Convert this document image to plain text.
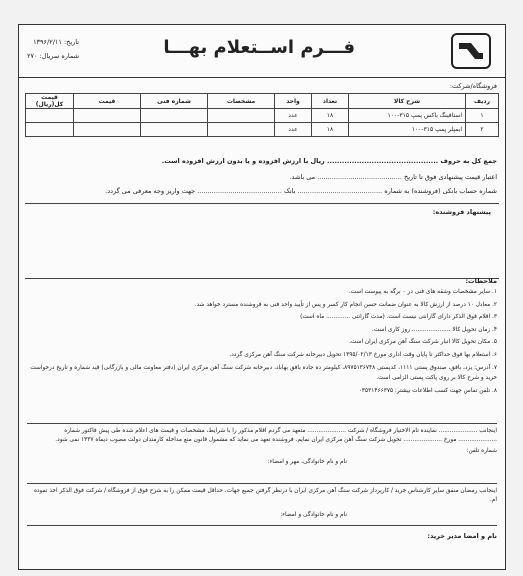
فـــرم اســتعلام بهـــا
تاریخ: ۱۳۹۶/۲/۱۱
شماره سریال: ۲۷۰
فروشگاه/شرکت:
ردیف	شرح کالا	تعداد	واحد	مشخصات	شماره فنی	قیمت	قیمت کل(ریال)
۱	استافینگ باکس پمپ ۳۱۵-۱۰۰	۱۸	عدد				
۲	ایمپلر پمپ ۳۱۵-۱۰۰	۱۸	عدد				
جمع کل به حروف ............................................. ریال با ارزش افزوده و یا بدون ارزش افزوده است.
اعتبار قیمت پیشنهادی فوق تا تاریخ ......................................... می باشد.
شماره حساب بانکی (فروشنده) به شماره ......................................... بانک ......................................... جهت واریز وجه معرفی می گردد.
پیشنهاد فروشنده:
ملاحظات:

۱. سایر مشخصات وشقه های فنی در ۰ برگه به پیوست است.

۲. معادل ۱۰ درصد از ارزش کالا به عنوان ضمانت حسن انجام کار کسر و پس از تأیید واحد فنی به فروشنده مسترد خواهد شد.

۳. اقلام فوق الذکر دارای گارانتی نیست است. (مدت گارانتی ............. ماه است)

۴. زمان تحویل کالا ..................... روز کاری است.

۵. مکان تحویل کالا انبار شرکت سنگ آهن مرکزی ایران است.

۶. استعلام بها فوق حداکثر تا پایان وقت اداری مورخ ۱۳۹۵/۰۲/۱۳ تحویل دبیرخانه شرکت سنگ آهن مرکزی گردد.

۷. آدرس: یزد، بافق، صندوق پستی ۱۱۱۱، کدپستی ۸۹۷۵۱۳۶۷۴۸، کیلومتر ده جاده بافق بهاباد، دبیرخانه شرکت سنگ آهن مرکزی ایران (دفتر معاونت مالی و بازرگانی) قید شماره و تاریخ درخواست خرید و شرح کالا بر روی پاکت پستی الزامی است.

۸. تلفن تماس جهت کسب اطلاعات بیشتر: ۰۳۵۳۱۴۶۶۳۷۵

اینجانب ..................... نماینده تام الاختیار فروشگاه / شرکت ..................... متعهد می گردم اقلام مذکور را با شرایط، مشخصات و قیمت های اعلام شده طی پیش فاکتور شماره ..................... مورخ ..................... تحویل شرکت سنگ آهن مرکزی ایران نمایم. فروشنده تعهد می نماید که مشمول قانون منع مداخله کارمندان دولت مصوب دیماه ۱۳۳۷ نمی شود.
شماره تلفن:
نام و نام خانوادگی، مهر و امضاء:
اینجانب رمضان منفق سایر کارشناس خرید / کارپرداز شرکت سنگ آهن مرکزی ایران با درنظر گرفتن جمیع جهات، حداقل قیمت ممکن را به شرح فوق از فروشگاه / شرکت فوق الذکر اخذ نموده ام.
نام و نام خانوادگی و امضاء:
نام و امضا مدیر خرید:
